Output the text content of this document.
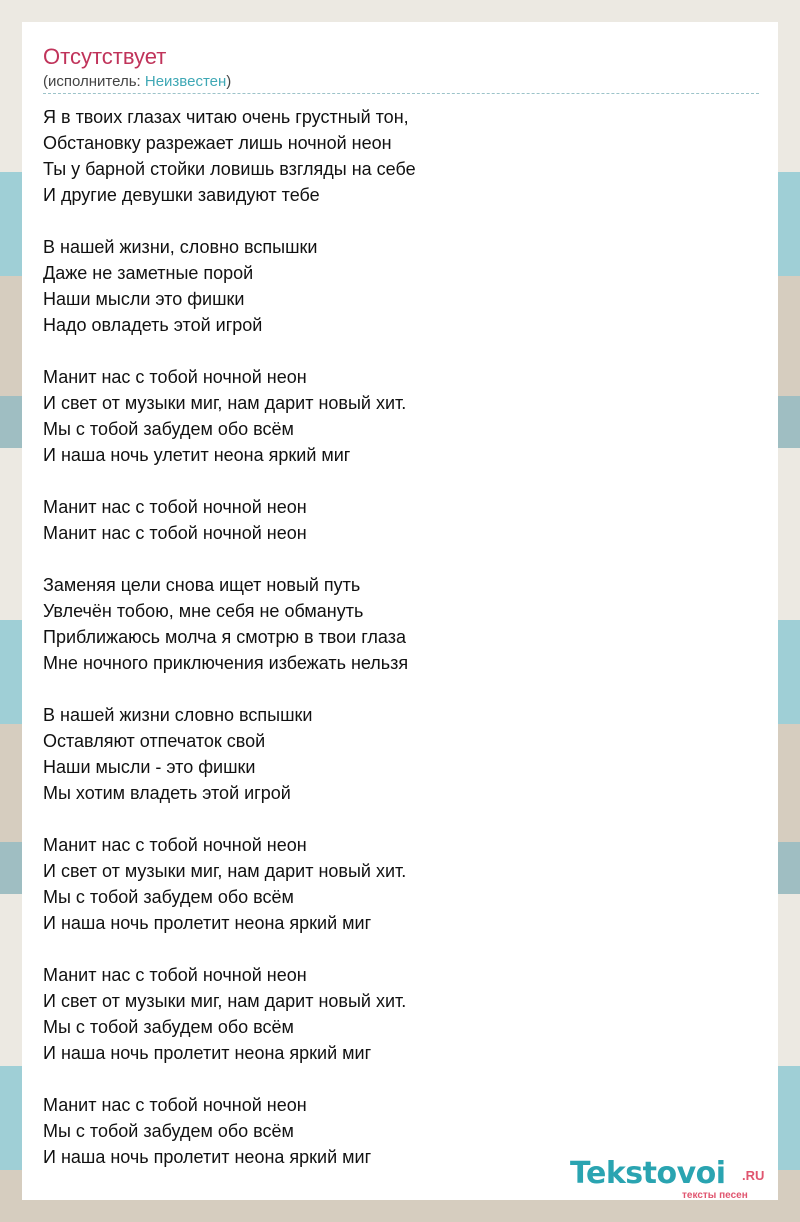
Отсутствует
(исполнитель: Неизвестен)
Я в твоих глазах читаю очень грустный тон,
Обстановку разрежает лишь ночной неон
Ты у барной стойки ловишь взгляды на себе
И другие девушки завидуют тебе
В нашей жизни, словно вспышки
Даже не заметные порой
Наши мысли это фишки
Надо овладеть этой игрой
Манит нас с тобой ночной неон
И свет от музыки миг, нам дарит новый хит.
Мы с тобой забудем обо всём
И наша ночь улетит неона яркий миг
Манит нас с тобой ночной неон
Манит нас с тобой ночной неон
Заменяя цели снова ищет новый путь
Увлечён тобою, мне себя не обмануть
Приближаюсь молча я смотрю в твои глаза
Мне ночного приключения избежать нельзя
В нашей жизни словно вспышки
Оставляют отпечаток свой
Наши мысли - это фишки
Мы хотим владеть этой игрой
Манит нас с тобой ночной неон
И свет от музыки миг, нам дарит новый хит.
Мы с тобой забудем обо всём
И наша ночь пролетит неона яркий миг
Манит нас с тобой ночной неон
И свет от музыки миг, нам дарит новый хит.
Мы с тобой забудем обо всём
И наша ночь пролетит неона яркий миг
Манит нас с тобой ночной неон
Мы с тобой забудем обо всём
И наша ночь пролетит неона яркий миг	Tekstovoi .RU
тексты песен
